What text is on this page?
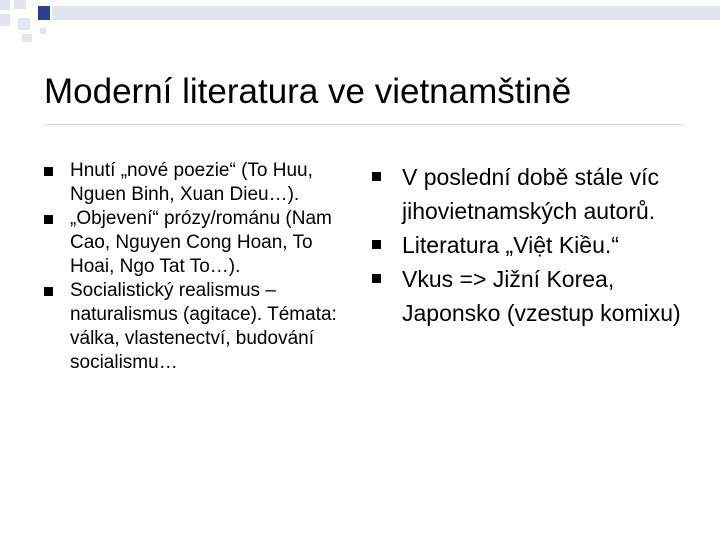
Moderní literatura ve vietnamštině
Hnutí „nové poezie“ (To Huu, Nguen Binh, Xuan Dieu…).
„Objevení“ prózy/románu (Nam Cao, Nguyen Cong Hoan, To Hoai, Ngo Tat To…).
Socialistický realismus – naturalismus (agitace). Témata: válka, vlastenectví, budování socialismu…
V poslední době stále víc jihovietnamských autorů.
Literatura „Việt Kiều.“
Vkus => Jižní Korea, Japonsko (vzestup komixu)
